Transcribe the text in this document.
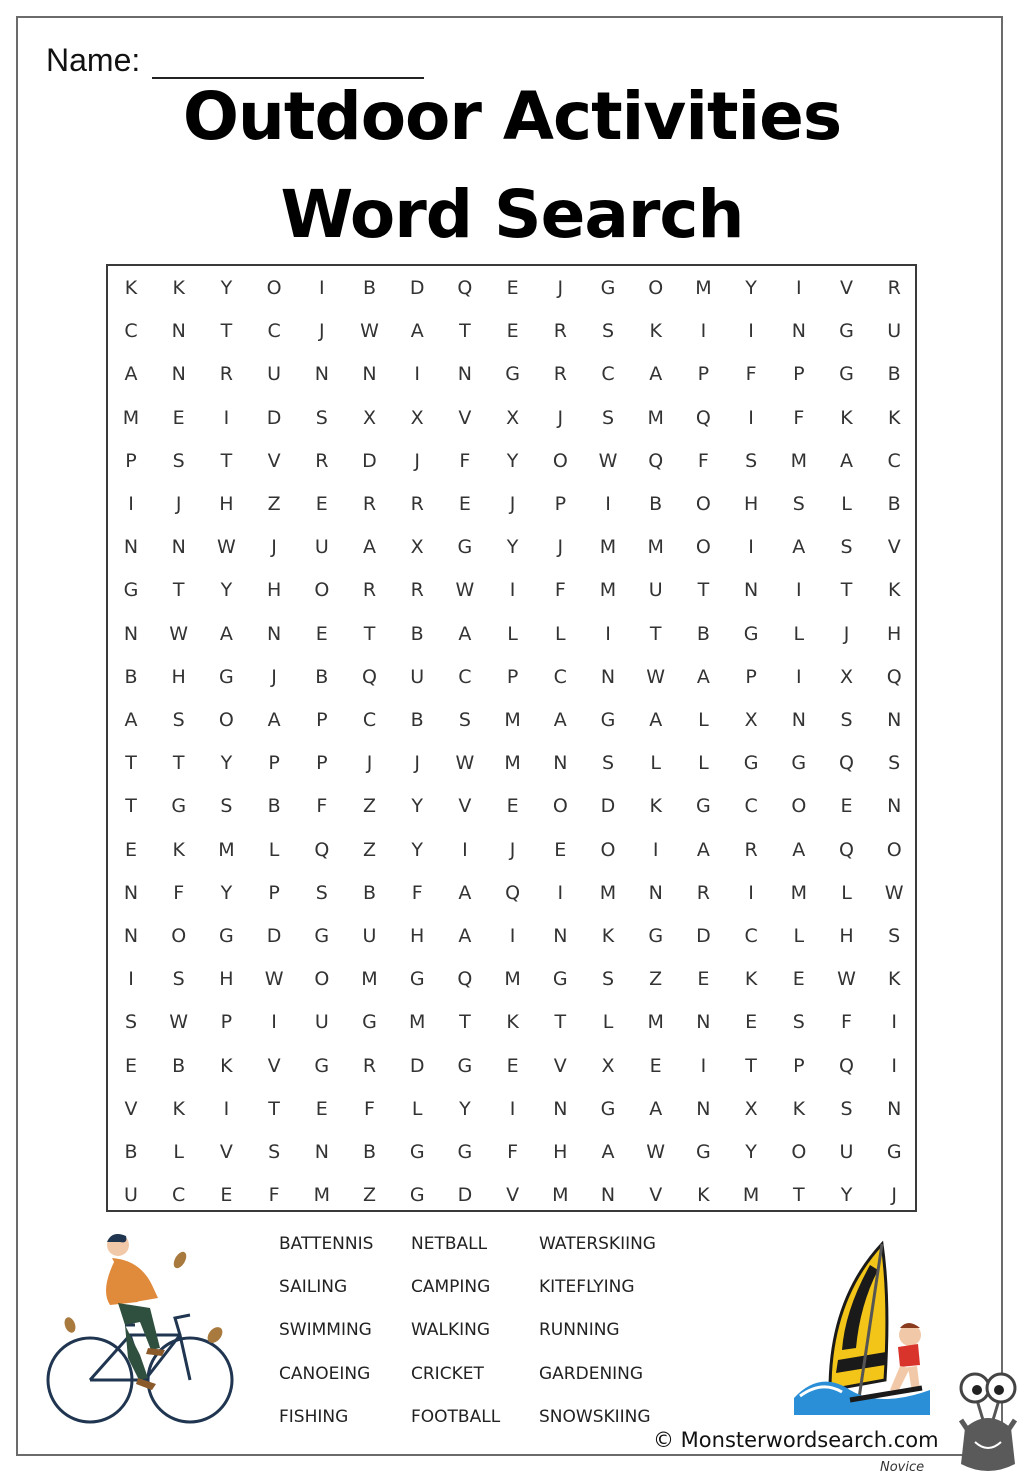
Name:
Outdoor Activities
Word Search
K	K	Y	O	I	B	D	Q	E	J	G	O	M	Y	I	V	R
C	N	T	C	J	W	A	T	E	R	S	K	I	I	N	G	U
A	N	R	U	N	N	I	N	G	R	C	A	P	F	P	G	B
M	E	I	D	S	X	X	V	X	J	S	M	Q	I	F	K	K
P	S	T	V	R	D	J	F	Y	O	W	Q	F	S	M	A	C
I	J	H	Z	E	R	R	E	J	P	I	B	O	H	S	L	B
N	N	W	J	U	A	X	G	Y	J	M	M	O	I	A	S	V
G	T	Y	H	O	R	R	W	I	F	M	U	T	N	I	T	K
N	W	A	N	E	T	B	A	L	L	I	T	B	G	L	J	H
B	H	G	J	B	Q	U	C	P	C	N	W	A	P	I	X	Q
A	S	O	A	P	C	B	S	M	A	G	A	L	X	N	S	N
T	T	Y	P	P	J	J	W	M	N	S	L	L	G	G	Q	S
T	G	S	B	F	Z	Y	V	E	O	D	K	G	C	O	E	N
E	K	M	L	Q	Z	Y	I	J	E	O	I	A	R	A	Q	O
N	F	Y	P	S	B	F	A	Q	I	M	N	R	I	M	L	W
N	O	G	D	G	U	H	A	I	N	K	G	D	C	L	H	S
I	S	H	W	O	M	G	Q	M	G	S	Z	E	K	E	W	K
S	W	P	I	U	G	M	T	K	T	L	M	N	E	S	F	I
E	B	K	V	G	R	D	G	E	V	X	E	I	T	P	Q	I
V	K	I	T	E	F	L	Y	I	N	G	A	N	X	K	S	N
B	L	V	S	N	B	G	G	F	H	A	W	G	Y	O	U	G
U	C	E	F	M	Z	G	D	V	M	N	V	K	M	T	Y	J
BATTENNIS
SAILING
SWIMMING
CANOEING
FISHING
NETBALL
CAMPING
WALKING
CRICKET
FOOTBALL
WATERSKIING
KITEFLYING
RUNNING
GARDENING
SNOWSKIING
© Monsterwordsearch.com
Novice
